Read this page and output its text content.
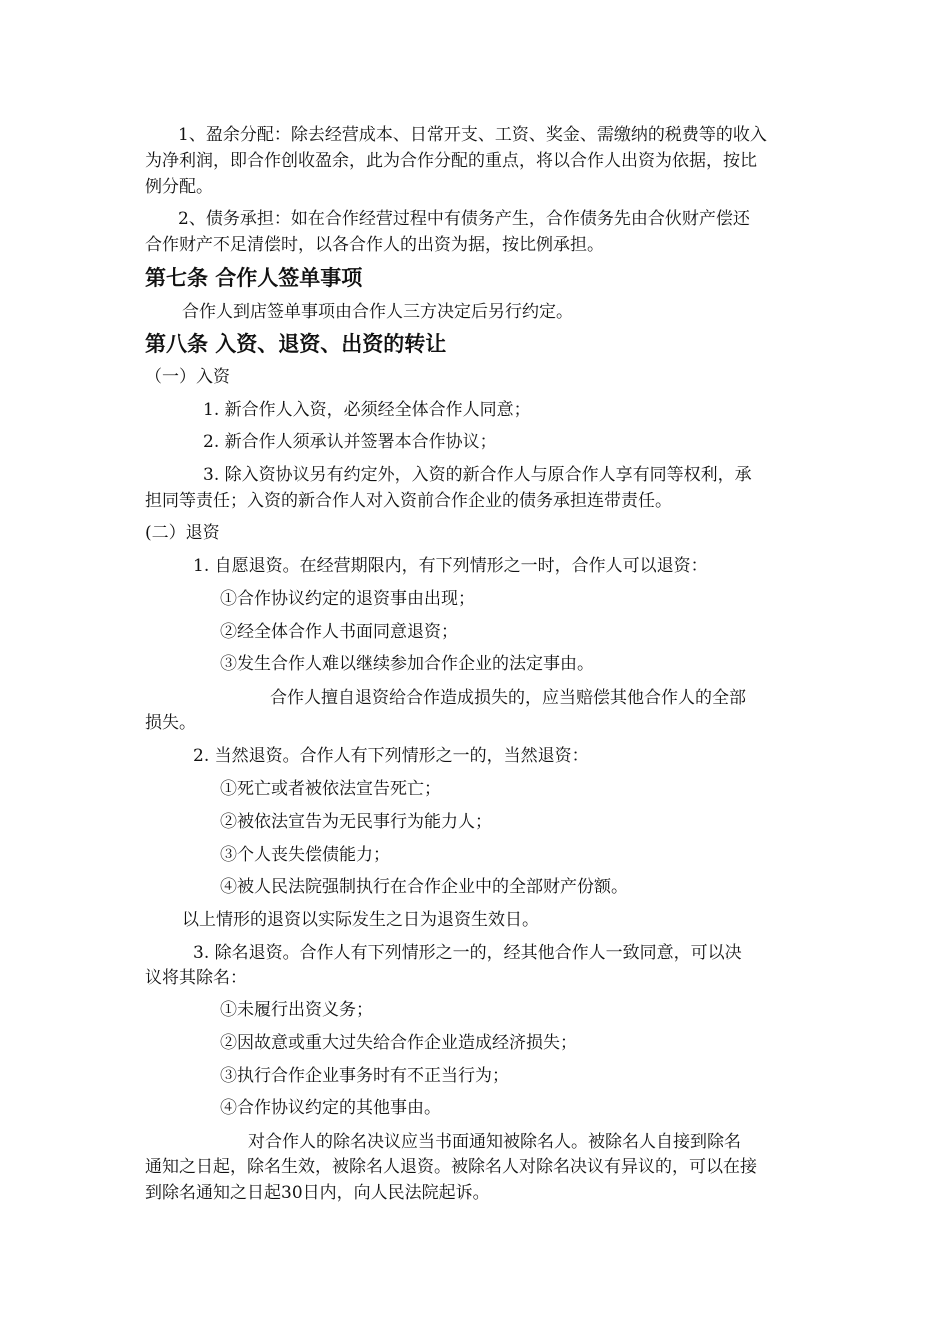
1、盈余分配：除去经营成本、日常开支、工资、奖金、需缴纳的税费等的收入
为净利润，即合作创收盈余，此为合作分配的重点，将以合作人出资为依据，按比
例分配。
2、债务承担：如在合作经营过程中有债务产生，合作债务先由合伙财产偿还
合作财产不足清偿时，以各合作人的出资为据，按比例承担。
第七条 合作人签单事项
合作人到店签单事项由合作人三方决定后另行约定。
第八条 入资、退资、出资的转让
（一）入资
1. 新合作人入资，必须经全体合作人同意；
2. 新合作人须承认并签署本合作协议；
3. 除入资协议另有约定外，入资的新合作人与原合作人享有同等权利，承
担同等责任；入资的新合作人对入资前合作企业的债务承担连带责任。
(二）退资
1. 自愿退资。在经营期限内，有下列情形之一时，合作人可以退资：
①合作协议约定的退资事由出现；
②经全体合作人书面同意退资；
③发生合作人难以继续参加合作企业的法定事由。
合作人擅自退资给合作造成损失的，应当赔偿其他合作人的全部
损失。
2. 当然退资。合作人有下列情形之一的，当然退资：
①死亡或者被依法宣告死亡；
②被依法宣告为无民事行为能力人；
③个人丧失偿债能力；
④被人民法院强制执行在合作企业中的全部财产份额。
以上情形的退资以实际发生之日为退资生效日。
3. 除名退资。合作人有下列情形之一的，经其他合作人一致同意，可以决
议将其除名：
①未履行出资义务；
②因故意或重大过失给合作企业造成经济损失；
③执行合作企业事务时有不正当行为；
④合作协议约定的其他事由。
对合作人的除名决议应当书面通知被除名人。被除名人自接到除名
通知之日起，除名生效，被除名人退资。被除名人对除名决议有异议的，可以在接
到除名通知之日起30日内，向人民法院起诉。
